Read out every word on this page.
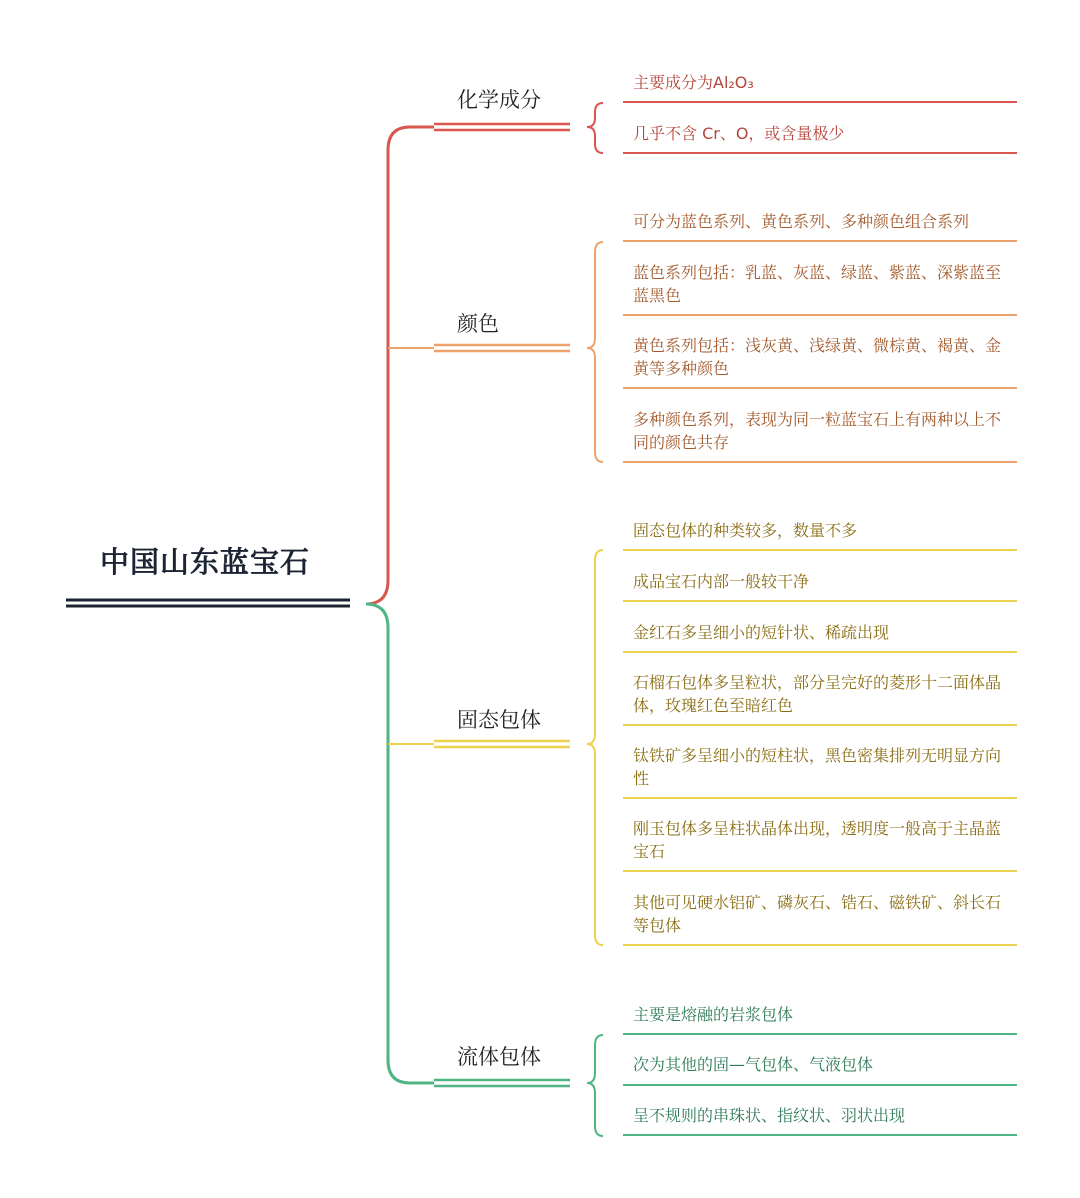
中国山东蓝宝石
化学成分
颜色
固态包体
流体包体
主要成分为Al₂O₃
几乎不含 Cr、O，或含量极少
可分为蓝色系列、黄色系列、多种颜色组合系列
蓝色系列包括：乳蓝、灰蓝、绿蓝、紫蓝、深紫蓝至蓝黑色
黄色系列包括：浅灰黄、浅绿黄、微棕黄、褐黄、金黄等多种颜色
多种颜色系列，表现为同一粒蓝宝石上有两种以上不同的颜色共存
固态包体的种类较多，数量不多
成品宝石内部一般较干净
金红石多呈细小的短针状、稀疏出现
石榴石包体多呈粒状，部分呈完好的菱形十二面体晶体，玫瑰红色至暗红色
钛铁矿多呈细小的短柱状，黑色密集排列无明显方向性
刚玉包体多呈柱状晶体出现，透明度一般高于主晶蓝宝石
其他可见硬水铝矿、磷灰石、锆石、磁铁矿、斜长石等包体
主要是熔融的岩浆包体
次为其他的固—气包体、气液包体
呈不规则的串珠状、指纹状、羽状出现
